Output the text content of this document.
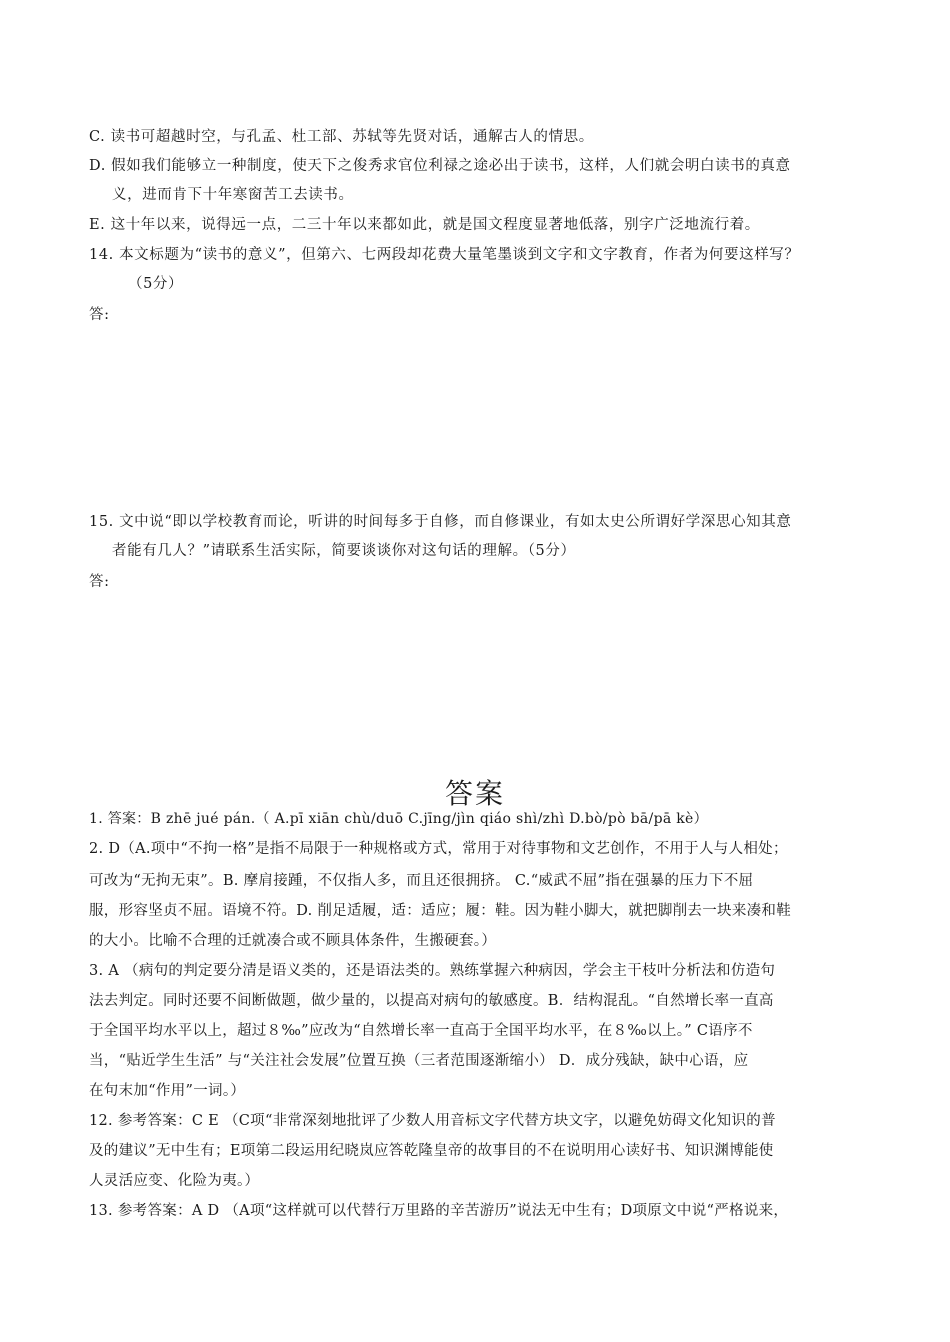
C. 读书可超越时空，与孔孟、杜工部、苏轼等先贤对话，通解古人的情思。
D. 假如我们能够立一种制度，使天下之俊秀求官位利禄之途必出于读书，这样，人们就会明白读书的真意
义，进而肯下十年寒窗苦工去读书。
E. 这十年以来，说得远一点，二三十年以来都如此，就是国文程度显著地低落，别字广泛地流行着。
14. 本文标题为“读书的意义”，但第六、七两段却花费大量笔墨谈到文字和文字教育，作者为何要这样写？
（5分）
答:
15. 文中说“即以学校教育而论，听讲的时间每多于自修，而自修课业，有如太史公所谓好学深思心知其意
者能有几人？”请联系生活实际，简要谈谈你对这句话的理解。（5分）
答:
答案
1. 答案：B zhē jué pán.（ A.pī xiān chù/duō C.jīng/jìn qiáo shì/zhì D.bò/pò bā/pā kè）
2. D（A.项中“不拘一格”是指不局限于一种规格或方式，常用于对待事物和文艺创作，不用于人与人相处；
可改为“无拘无束”。B. 摩肩接踵，不仅指人多，而且还很拥挤。 C.“威武不屈”指在强暴的压力下不屈
服，形容坚贞不屈。语境不符。D. 削足适履，适：适应；履：鞋。因为鞋小脚大，就把脚削去一块来凑和鞋
的大小。比喻不合理的迁就凑合或不顾具体条件，生搬硬套。）
3. A （病句的判定要分清是语义类的，还是语法类的。熟练掌握六种病因，学会主干枝叶分析法和仿造句
法去判定。同时还要不间断做题，做少量的，以提高对病句的敏感度。B．结构混乱。“自然增长率一直高
于全国平均水平以上，超过８‰”应改为“自然增长率一直高于全国平均水平，在８‰以上。” C语序不
当，“贴近学生生活” 与“关注社会发展”位置互换（三者范围逐渐缩小） D．成分残缺，缺中心语，应
在句末加“作用”一词。）
12. 参考答案：C E （C项“非常深刻地批评了少数人用音标文字代替方块文字，以避免妨碍文化知识的普
及的建议”无中生有；E项第二段运用纪晓岚应答乾隆皇帝的故事目的不在说明用心读好书、知识渊博能使
人灵活应变、化险为夷。）
13. 参考答案：A D （A项“这样就可以代替行万里路的辛苦游历”说法无中生有；D项原文中说“严格说来，
